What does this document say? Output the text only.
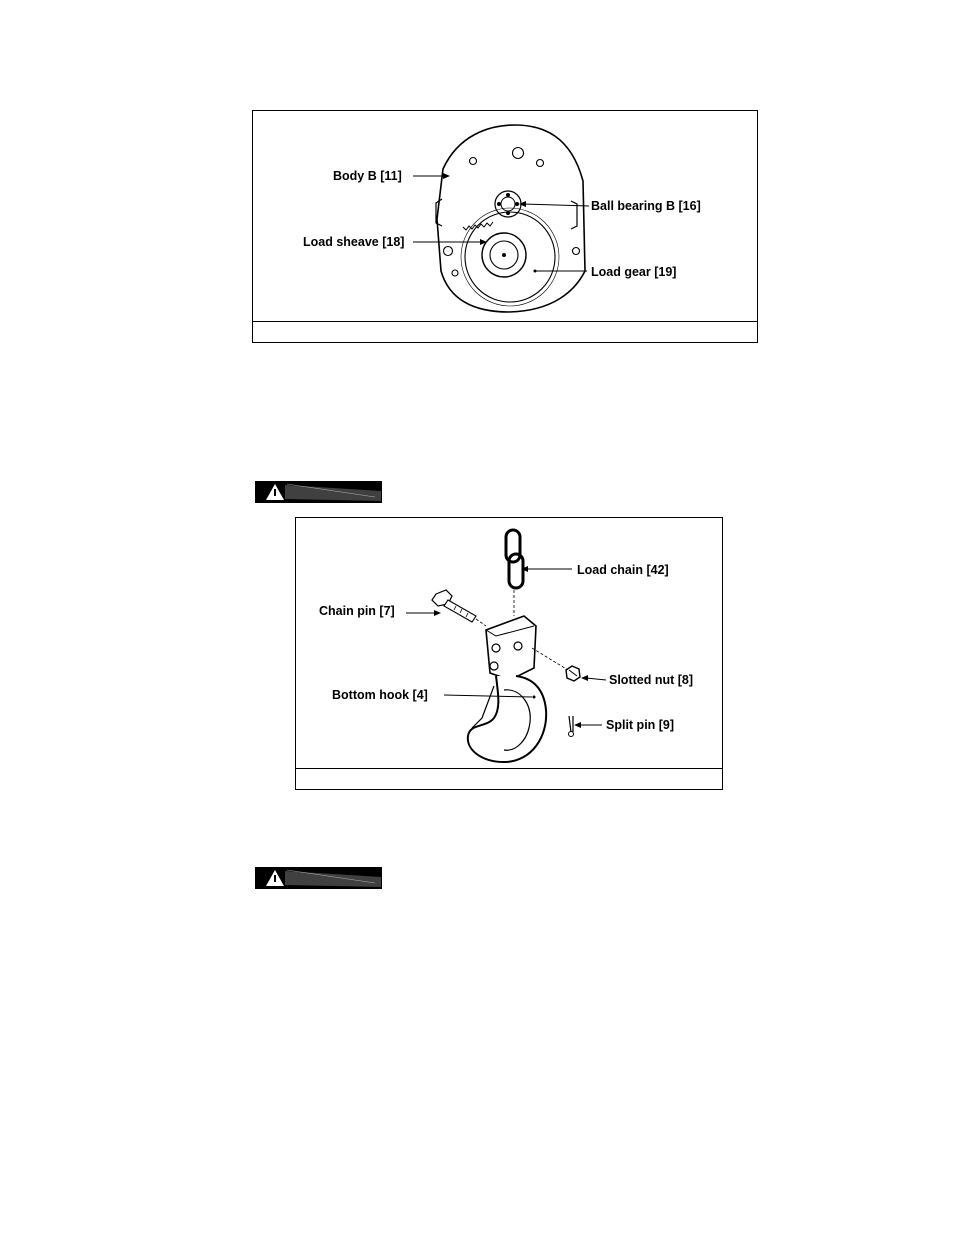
Body B [11]
Ball bearing B [16]
Load sheave [18]
Load gear [19]
Load chain [42]
Chain pin [7]
Slotted nut [8]
Bottom hook [4]
Split pin [9]
